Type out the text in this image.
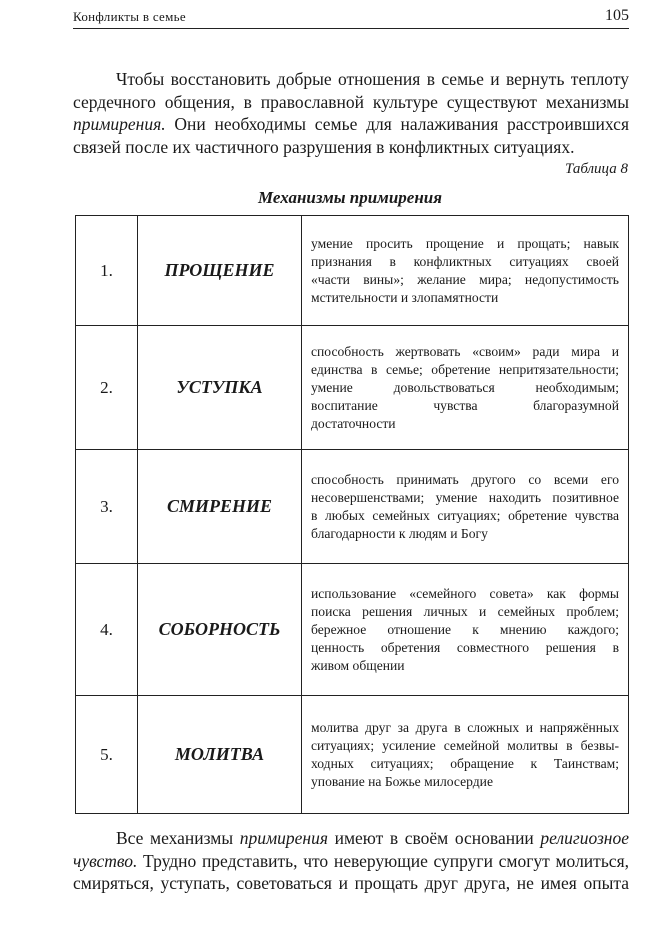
Конфликты в семье	105
Чтобы восстановить добрые отношения в семье и вернуть теплоту
сердечного общения, в православной культуре существуют механизмы
примирения. Они необходимы семье для налаживания расстроившихся
связей после их частичного разрушения в конфликтных ситуациях.
Таблица 8
Механизмы примирения
1.	ПРОЩЕНИЕ	умение просить прощение и прощать; навык
признания в конфликтных ситуациях своей
«части вины»; желание мира; недопустимость
мстительности и злопамятности

2.	УСТУПКА	способность жертвовать «своим» ради мира и
единства в семье; обретение непритязательности;
умение довольствоваться необходимым;
воспитание чувства благоразумной
достаточности

3.	СМИРЕНИЕ	способность принимать другого со всеми его
несовершенствами; умение находить позитивное
в любых семейных ситуациях; обретение чувства
благодарности к людям и Богу

4.	СОБОРНОСТЬ	использование «семейного совета» как формы
поиска решения личных и семейных проблем;
бережное отношение к мнению каждого;
ценность обретения совместного решения в
живом общении

5.	МОЛИТВА	молитва друг за друга в сложных и напряжённых
ситуациях; усиление семейной молитвы в безвы-
ходных ситуациях; обращение к Таинствам;
упование на Божье милосердие
Все механизмы примирения имеют в своём основании религиозное
чувство. Трудно представить, что неверующие супруги смогут молиться,
смиряться, уступать, советоваться и прощать друг друга, не имея опыта
